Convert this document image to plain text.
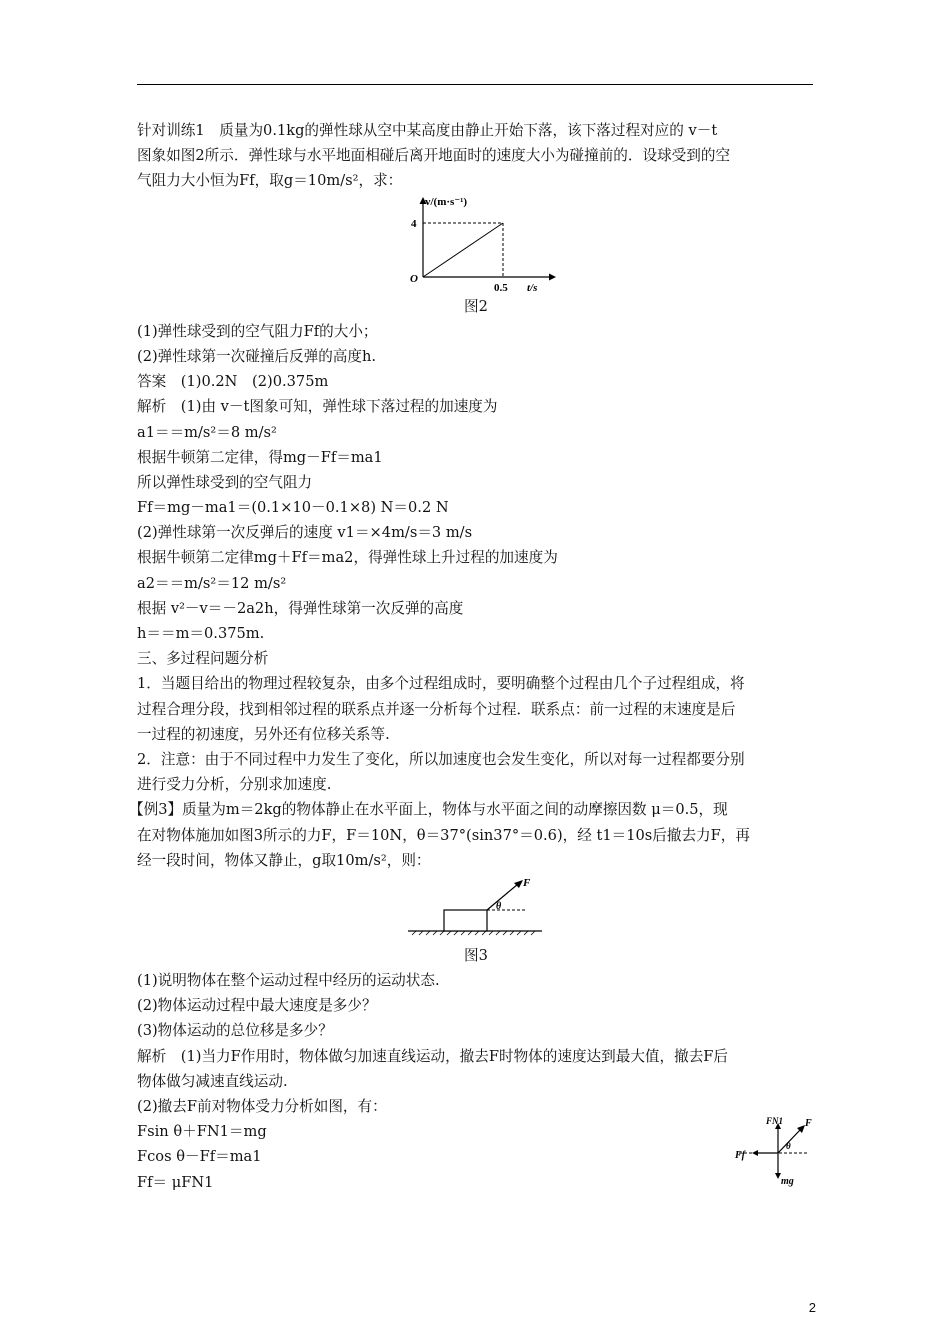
针对训练1　质量为0.1kg的弹性球从空中某高度由静止开始下落，该下落过程对应的 v－t
图象如图2所示．弹性球与水平地面相碰后离开地面时的速度大小为碰撞前的．设球受到的空
气阻力大小恒为Ff，取g＝10m/s²，求：
v/(m·s⁻¹)
4
0.5 t/s
O
图2
(1)弹性球受到的空气阻力Ff的大小；
(2)弹性球第一次碰撞后反弹的高度h.
答案　(1)0.2N　(2)0.375m
解析　(1)由 v－t图象可知，弹性球下落过程的加速度为
a1＝＝m/s²＝8 m/s²
根据牛顿第二定律，得mg－Ff＝ma1
所以弹性球受到的空气阻力
Ff＝mg－ma1＝(0.1×10－0.1×8) N＝0.2 N
(2)弹性球第一次反弹后的速度 v1＝×4m/s＝3 m/s
根据牛顿第二定律mg＋Ff＝ma2，得弹性球上升过程的加速度为
a2＝＝m/s²＝12 m/s²
根据 v²－v＝－2a2h，得弹性球第一次反弹的高度
h＝＝m＝0.375m.
三、多过程问题分析
1．当题目给出的物理过程较复杂，由多个过程组成时，要明确整个过程由几个子过程组成，将
过程合理分段，找到相邻过程的联系点并逐一分析每个过程．联系点：前一过程的末速度是后
一过程的初速度，另外还有位移关系等.
2．注意：由于不同过程中力发生了变化，所以加速度也会发生变化，所以对每一过程都要分别
进行受力分析，分别求加速度.
【例3】质量为m＝2kg的物体静止在水平面上，物体与水平面之间的动摩擦因数 μ＝0.5，现
在对物体施加如图3所示的力F，F＝10N，θ＝37°(sin37°＝0.6)，经 t1＝10s后撤去力F，再
经一段时间，物体又静止，g取10m/s²，则：
F
θ
图3
(1)说明物体在整个运动过程中经历的运动状态.
(2)物体运动过程中最大速度是多少？
(3)物体运动的总位移是多少？
解析　(1)当力F作用时，物体做匀加速直线运动，撤去F时物体的速度达到最大值，撤去F后
物体做匀减速直线运动.
(2)撤去F前对物体受力分析如图，有：
Fsin θ＋FN1＝mg
Fcos θ－Ff＝ma1
Ff＝ μFN1
FN1 F
θ
Ff
mg
2
